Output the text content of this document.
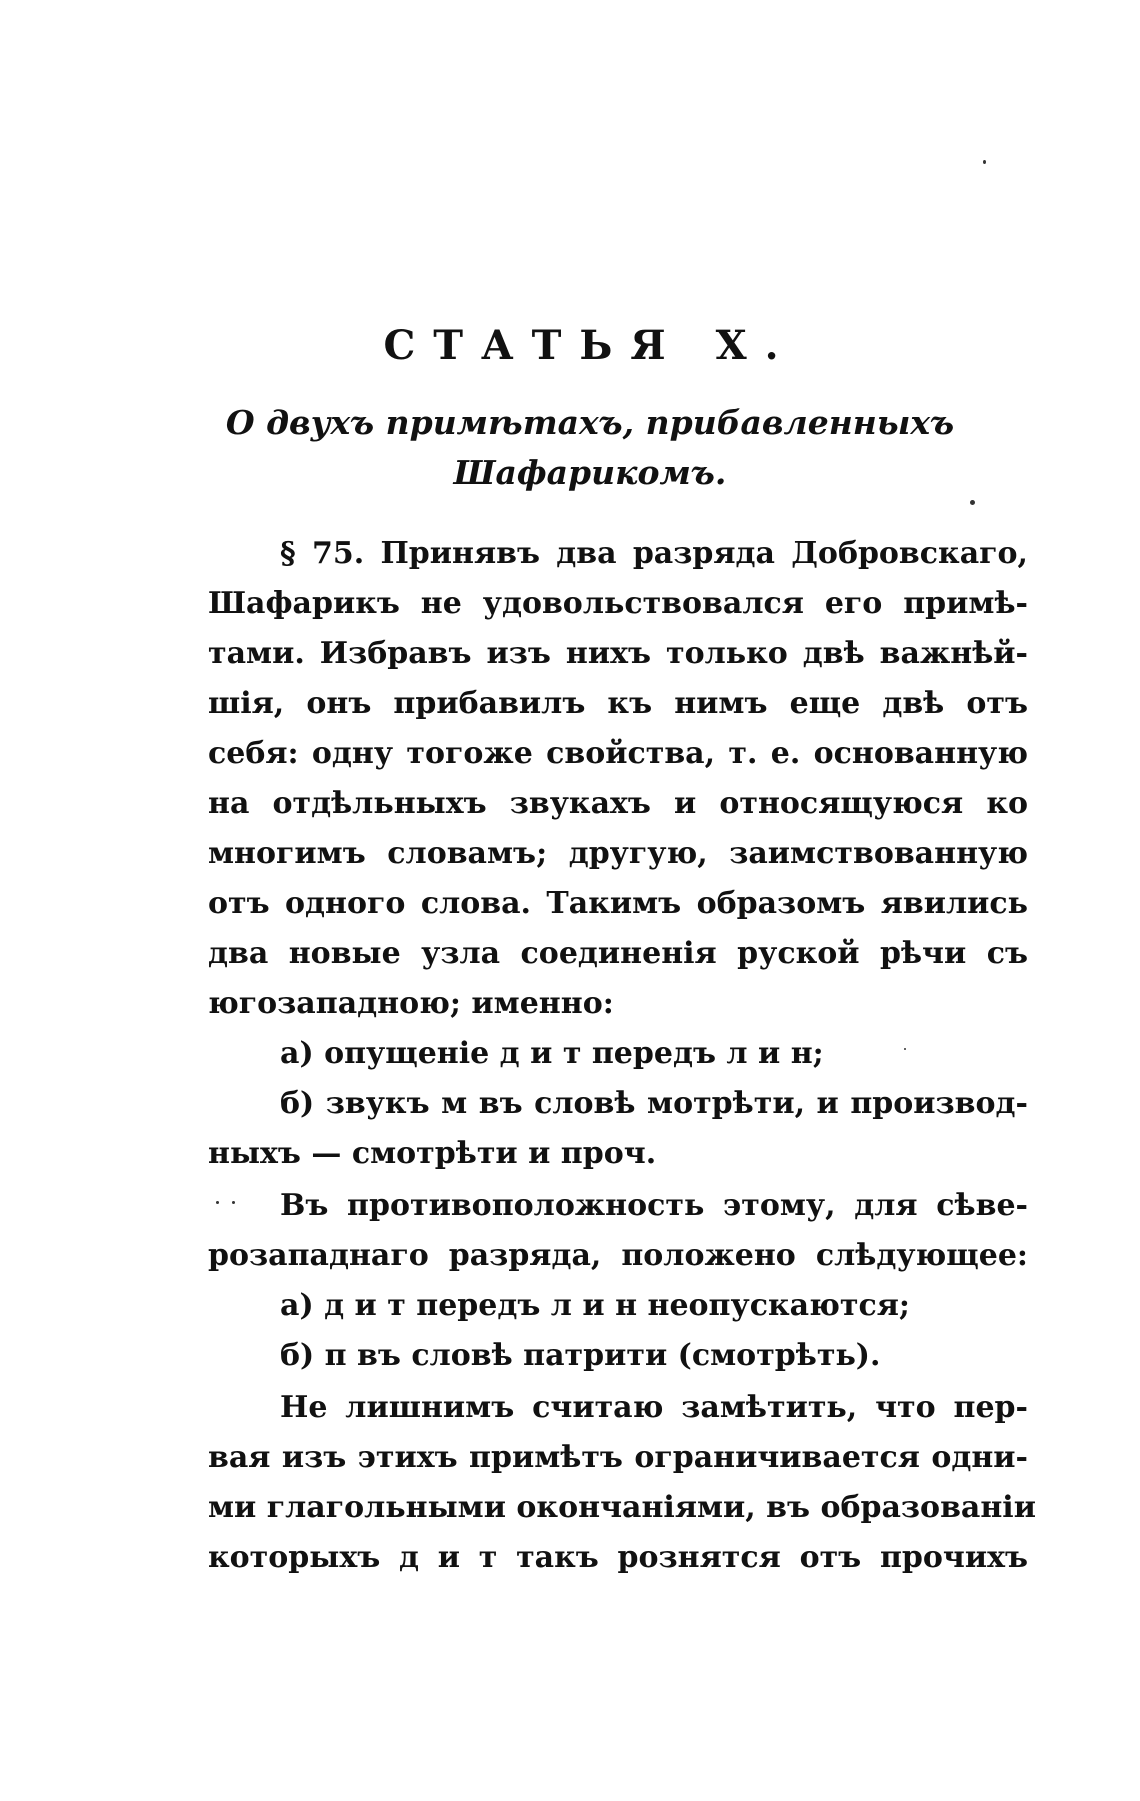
СТАТЬЯ X.
О двухъ примѣтахъ, прибавленныхъ
Шафарикомъ.
§ 75. Принявъ два разряда Добровскаго,
Шафарикъ не удовольствовался его примѣ-
тами. Избравъ изъ нихъ только двѣ важнѣй-
шія, онъ прибавилъ къ нимъ еще двѣ отъ
себя: одну тогоже свойства, т. е. основанную
на отдѣльныхъ звукахъ и относящуюся ко
многимъ словамъ; другую, заимствованную
отъ одного слова. Такимъ образомъ явились
два новые узла соединенія руской рѣчи съ
югозападною; именно:
а) опущеніе д и т передъ л и н;
б) звукъ м въ словѣ мотрѣти, и производ-
ныхъ — смотрѣти и проч.
Въ противоположность этому, для сѣве-
розападнаго разряда, положено слѣдующее:
а) д и т передъ л и н неопускаются;
б) п въ словѣ патрити (смотрѣть).
Не лишнимъ считаю замѣтить, что пер-
вая изъ этихъ примѣтъ ограничивается одни-
ми глагольными окончаніями, въ образованіи
которыхъ д и т такъ рознятся отъ прочихъ
